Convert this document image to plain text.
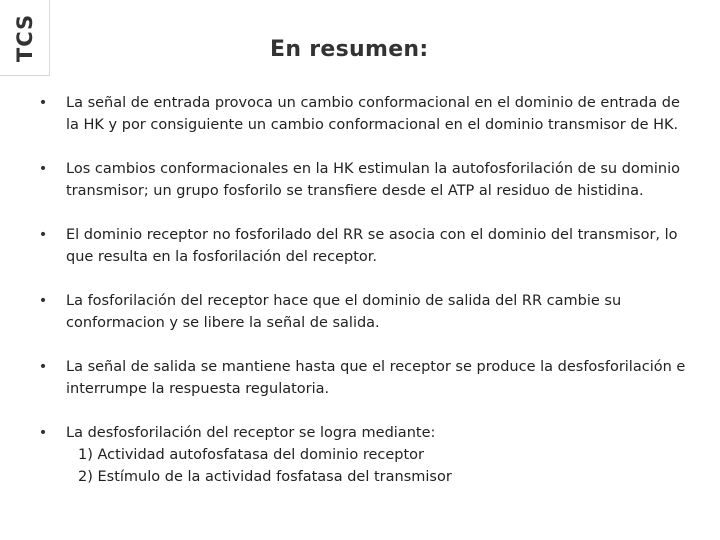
TCS	En resumen:
• La señal de entrada provoca un cambio conformacional en el dominio de entrada de la HK y por consiguiente un cambio conformacional en el dominio transmisor de HK.
• Los cambios conformacionales en la HK estimulan la autofosforilación de su dominio transmisor; un grupo fosforilo se transfiere desde el ATP al residuo de histidina.
• El dominio receptor no fosforilado del RR se asocia con el dominio del transmisor, lo que resulta en la fosforilación del receptor.
• La fosforilación del receptor hace que el dominio de salida del RR cambie su conformacion y se libere la señal de salida.
• La señal de salida se mantiene hasta que el receptor se produce la desfosforilación e interrumpe la respuesta regulatoria.
• La desfosforilación del receptor se logra mediante:
1) Actividad autofosfatasa del dominio receptor
2) Estímulo de la actividad fosfatasa del transmisor
